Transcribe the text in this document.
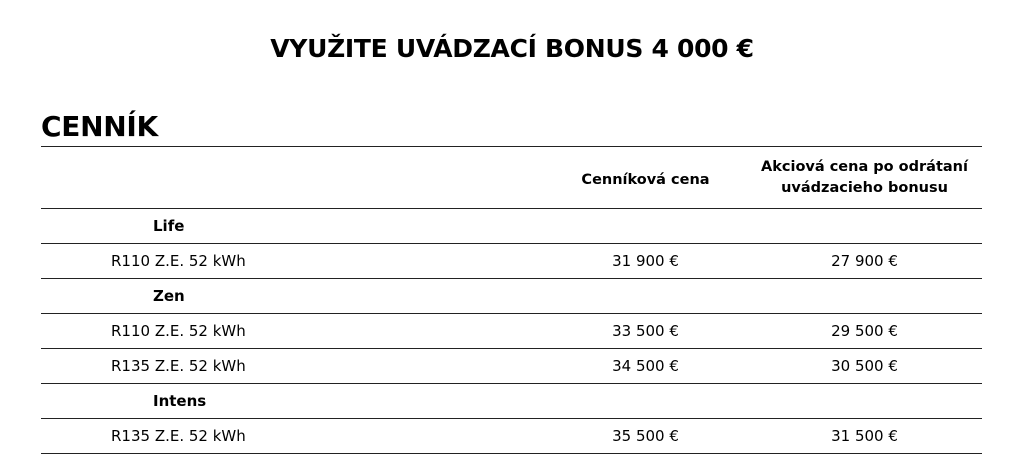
VYUŽITE UVÁDZACÍ BONUS 4 000 €
CENNÍK
	Cenníková cena	Akciová cena po odrátaní uvádzacieho bonusu
Life		
R110 Z.E. 52 kWh	31 900 €	27 900 €
Zen		
R110 Z.E. 52 kWh	33 500 €	29 500 €
R135 Z.E. 52 kWh	34 500 €	30 500 €
Intens		
R135 Z.E. 52 kWh	35 500 €	31 500 €
